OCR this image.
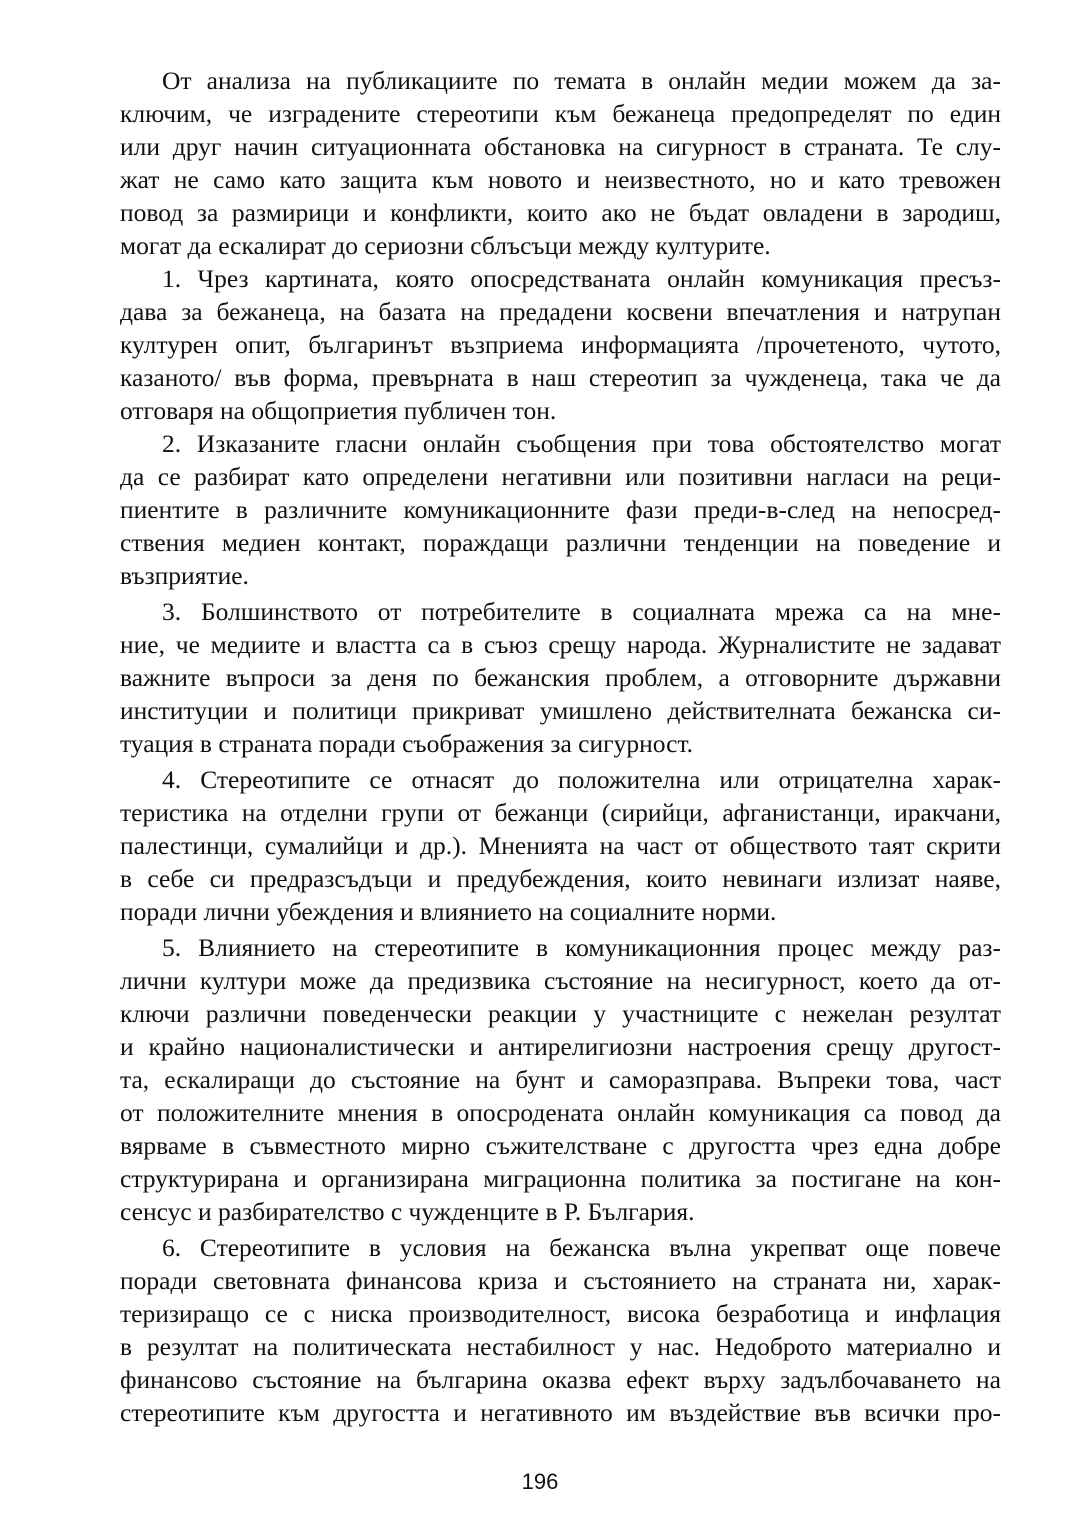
От анализа на публикациите по темата в онлайн медии можем да за-

ключим, че изградените стереотипи към бежанеца предопределят по един

или друг начин ситуационната обстановка на сигурност в страната. Те слу-

жат не само като защита към новото и неизвестното, но и като тревожен

повод за размирици и конфликти, които ако не бъдат овладени в зародиш,

могат да ескалират до сериозни сблъсъци между културите.

1. Чрез картината, която опосредстваната онлайн комуникация пресъз-

дава за бежанеца, на базата на предадени косвени впечатления и натрупан

културен опит, българинът възприема информацията /прочетеното, чутото,

казаното/ във форма, превърната в наш стереотип за чужденеца, така че да

отговаря на общоприетия публичен тон.

2. Изказаните гласни онлайн съобщения при това обстоятелство могат

да се разбират като определени негативни или позитивни нагласи на реци-

пиентите в различните комуникационните фази преди-в-след на непосред-

ствения медиен контакт, пораждащи различни тенденции на поведение и

възприятие.

3. Болшинството от потребителите в социалната мрежа са на мне-

ние, че медиите и властта са в съюз срещу народа. Журналистите не задават

важните въпроси за деня по бежанския проблем, а отговорните държавни

институции и политици прикриват умишлено действителната бежанска си-

туация в страната поради съображения за сигурност.

4. Стереотипите се отнасят до положителна или отрицателна харак-

теристика на отделни групи от бежанци (сирийци, афганистанци, иракчани,

палестинци, сумалийци и др.). Мненията на част от обществото таят скрити

в себе си предразсъдъци и предубеждения, които невинаги излизат наяве,

поради лични убеждения и влиянието на социалните норми.

5. Влиянието на стереотипите в комуникационния процес между раз-

лични култури може да предизвика състояние на несигурност, което да от-

ключи различни поведенчески реакции у участниците с нежелан резултат

и крайно националистически и антирелигиозни настроения срещу другост-

та, ескалиращи до състояние на бунт и саморазправа. Въпреки това, част

от положителните мнения в опосродената онлайн комуникация са повод да

вярваме в съвместното мирно съжителстване с другостта чрез една добре

структурирана и организирана миграционна политика за постигане на кон-

сенсус и разбирателство с чужденците в Р. България.

6. Стереотипите в условия на бежанска вълна укрепват още повече

поради световната финансова криза и състоянието на страната ни, харак-

теризиращо се с ниска производителност, висока безработица и инфлация

в резултат на политическата нестабилност у нас. Недоброто материално и

финансово състояние на българина оказва ефект върху задълбочаването на

стереотипите към другостта и негативното им въздействие във всички про-

196
